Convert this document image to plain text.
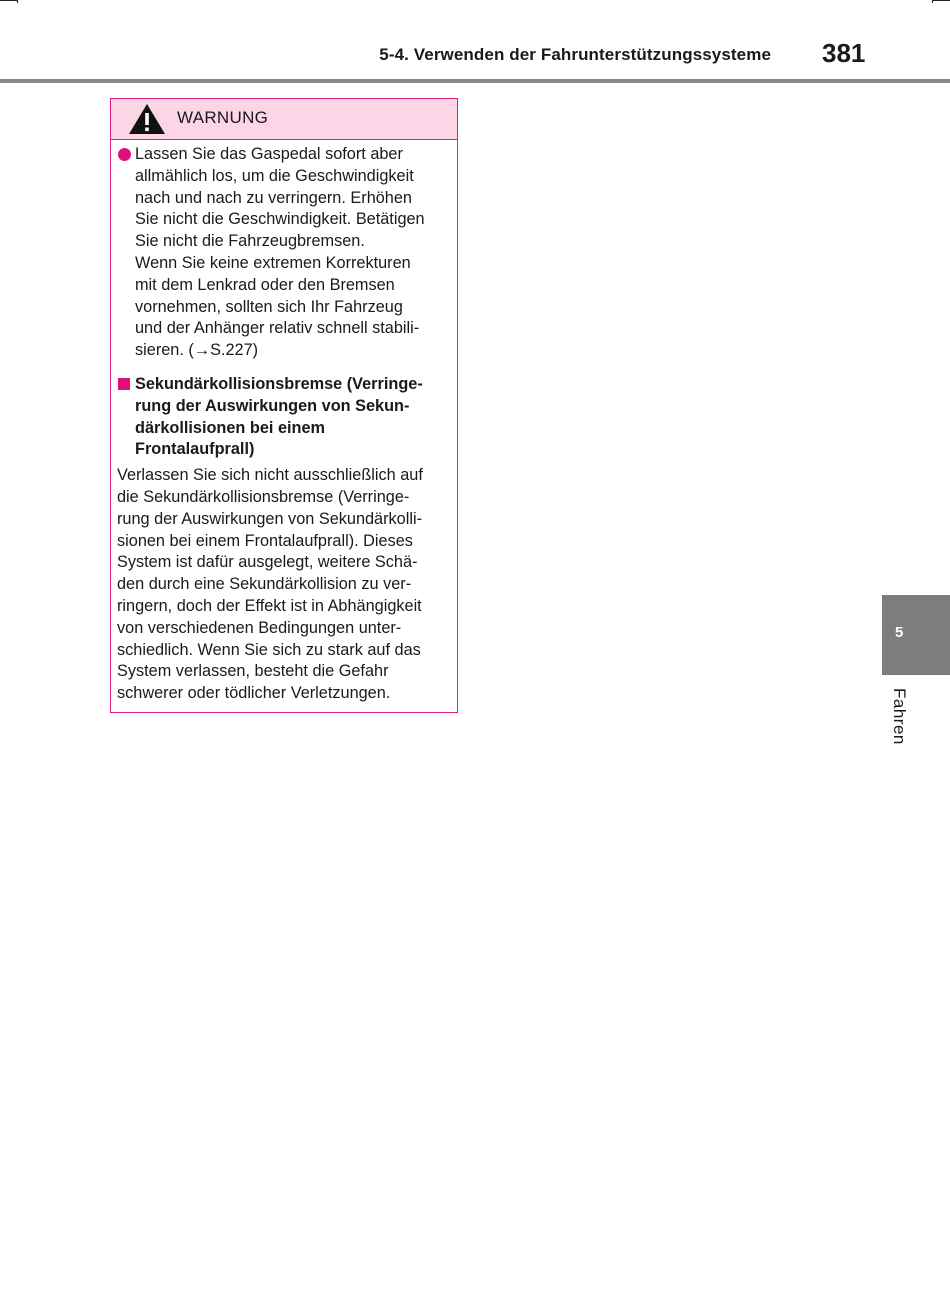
5-4. Verwenden der Fahrunterstützungssysteme 381
WARNUNG
Lassen Sie das Gaspedal sofort aber
allmählich los, um die Geschwindigkeit
nach und nach zu verringern. Erhöhen
Sie nicht die Geschwindigkeit. Betätigen
Sie nicht die Fahrzeugbremsen.
Wenn Sie keine extremen Korrekturen
mit dem Lenkrad oder den Bremsen
vornehmen, sollten sich Ihr Fahrzeug
und der Anhänger relativ schnell stabili-
sieren. (→S.227)
Sekundärkollisionsbremse (Verringe-
rung der Auswirkungen von Sekun-
därkollisionen bei einem
Frontalaufprall)
Verlassen Sie sich nicht ausschließlich auf
die Sekundärkollisionsbremse (Verringe-
rung der Auswirkungen von Sekundärkolli-
sionen bei einem Frontalaufprall). Dieses
System ist dafür ausgelegt, weitere Schä-
den durch eine Sekundärkollision zu ver-
ringern, doch der Effekt ist in Abhängigkeit
von verschiedenen Bedingungen unter-
schiedlich. Wenn Sie sich zu stark auf das
System verlassen, besteht die Gefahr
schwerer oder tödlicher Verletzungen.
5
Fahren
